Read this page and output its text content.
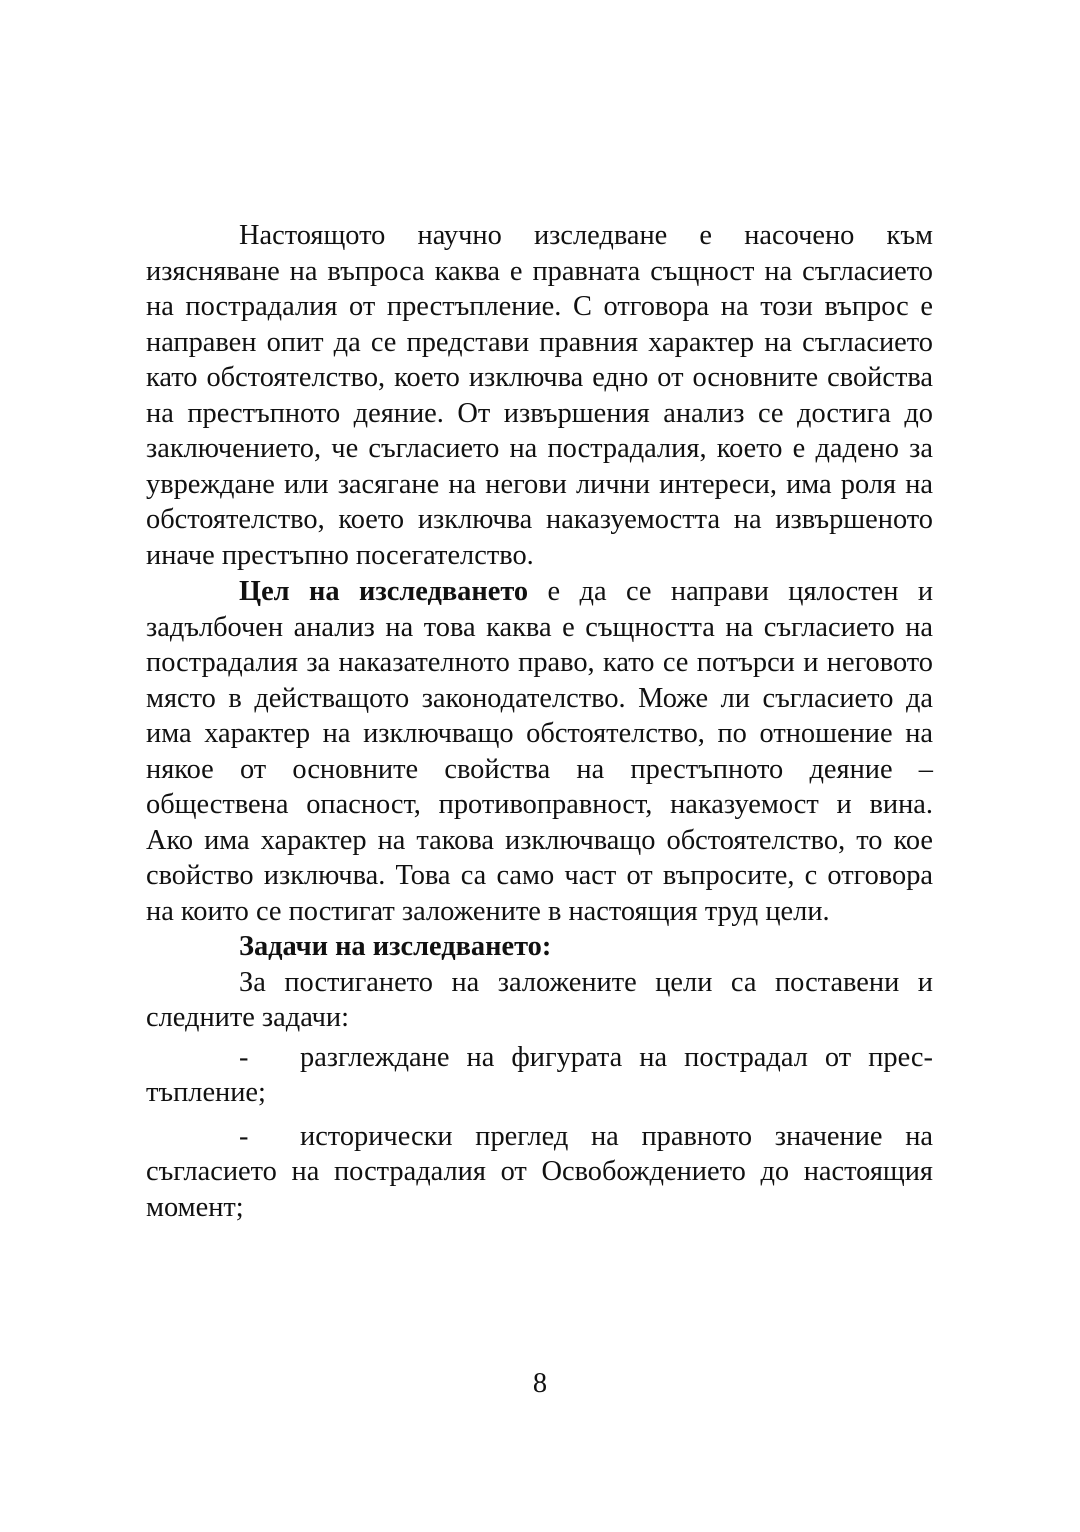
Настоящото научно изследване е насочено към изясняване на въпроса каква е правната същност на съгласието на пострадалия от престъпление. С отговора на този въпрос е направен опит да се представи правния характер на съгласието като обстоятелство, което изключва едно от основните свойства на престъпното деяние. От извършения анализ се достига до заключението, че съгласието на пострадалия, което е дадено за увреждане или засягане на негови лични интереси, има роля на обстоятелство, което изключва наказуемостта на извършеното иначе престъпно посегателство.

Цел на изследването е да се направи цялостен и задълбочен анализ на това каква е същността на съгласието на пострадалия за наказателното право, като се потърси и неговото място в действащото законодателство. Може ли съгласието да има характер на изключващо обстоятелство, по отношение на някое от основните свойства на престъпното деяние – обществена опасност, противоправност, наказуемост и вина. Ако има характер на такова изключващо обстоятелство, то кое свойство изключва. Това са само част от въпросите, с отговора на които се постигат заложените в настоящия труд цели.

Задачи на изследването:

За постигането на заложените цели са поставени и следните задачи:

- разглеждане на фигурата на пострадал от престъпление;

- исторически преглед на правното значение на съгласието на пострадалия от Освобождението до настоящия момент;

8
